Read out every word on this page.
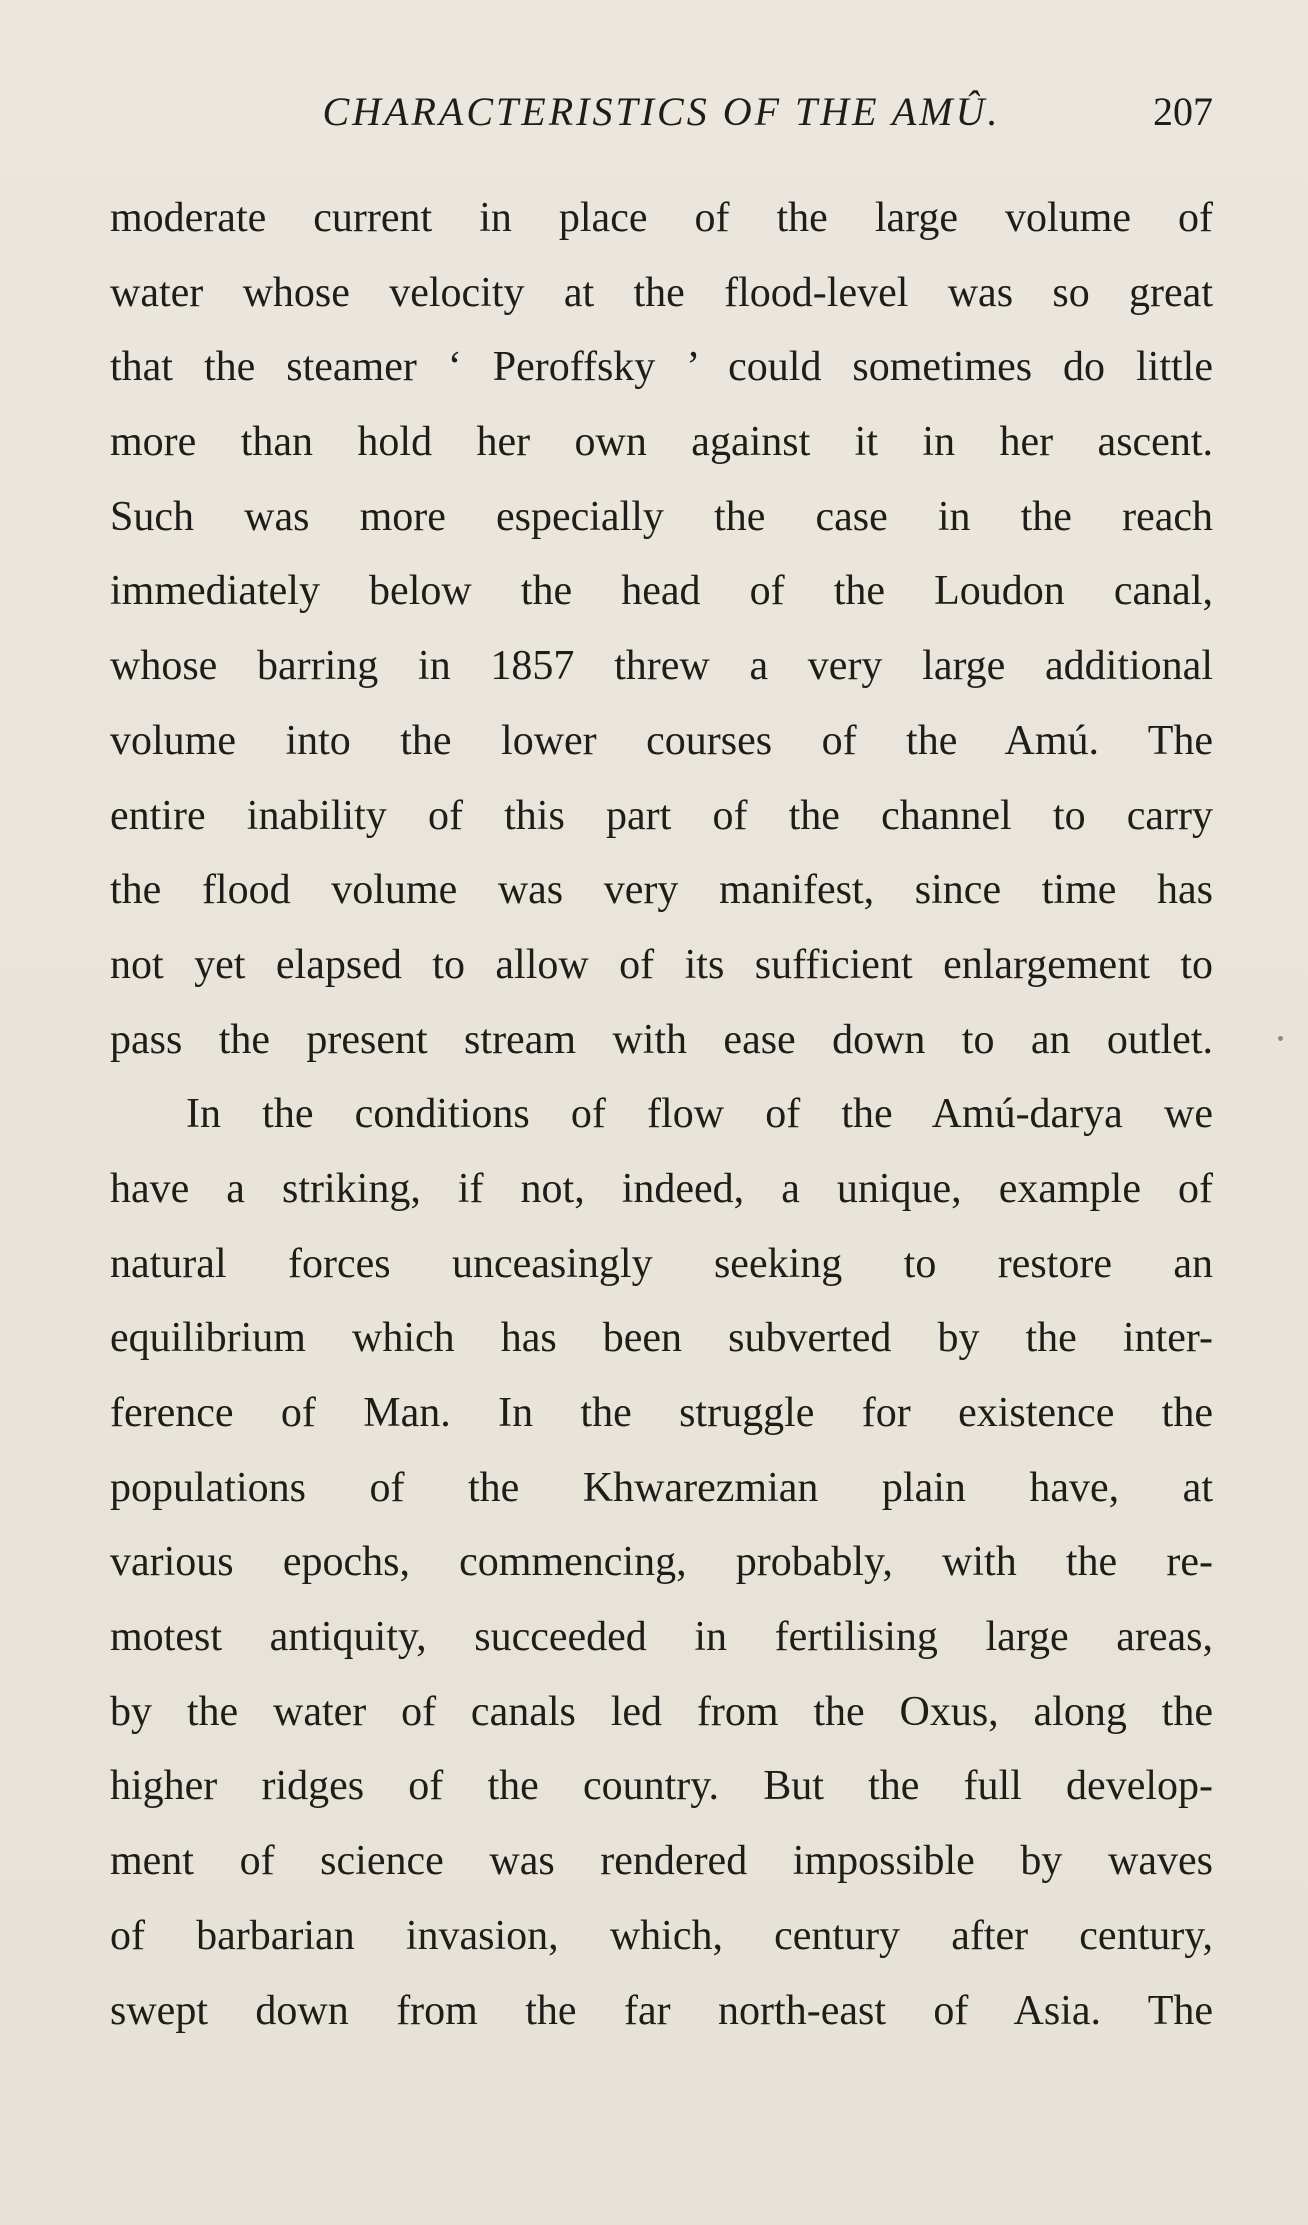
CHARACTERISTICS OF THE AMÛ.	207
moderate current in place of the large volume of
water whose velocity at the flood-level was so great
that the steamer ‘ Peroffsky ’ could sometimes do little
more than hold her own against it in her ascent.
Such was more especially the case in the reach
immediately below the head of the Loudon canal,
whose barring in 1857 threw a very large additional
volume into the lower courses of the Amú. The
entire inability of this part of the channel to carry
the flood volume was very manifest, since time has
not yet elapsed to allow of its sufficient enlargement to
pass the present stream with ease down to an outlet.
In the conditions of flow of the Amú-darya we
have a striking, if not, indeed, a unique, example of
natural forces unceasingly seeking to restore an
equilibrium which has been subverted by the inter-
ference of Man. In the struggle for existence the
populations of the Khwarezmian plain have, at
various epochs, commencing, probably, with the re-
motest antiquity, succeeded in fertilising large areas,
by the water of canals led from the Oxus, along the
higher ridges of the country. But the full develop-
ment of science was rendered impossible by waves
of barbarian invasion, which, century after century,
swept down from the far north-east of Asia. The
